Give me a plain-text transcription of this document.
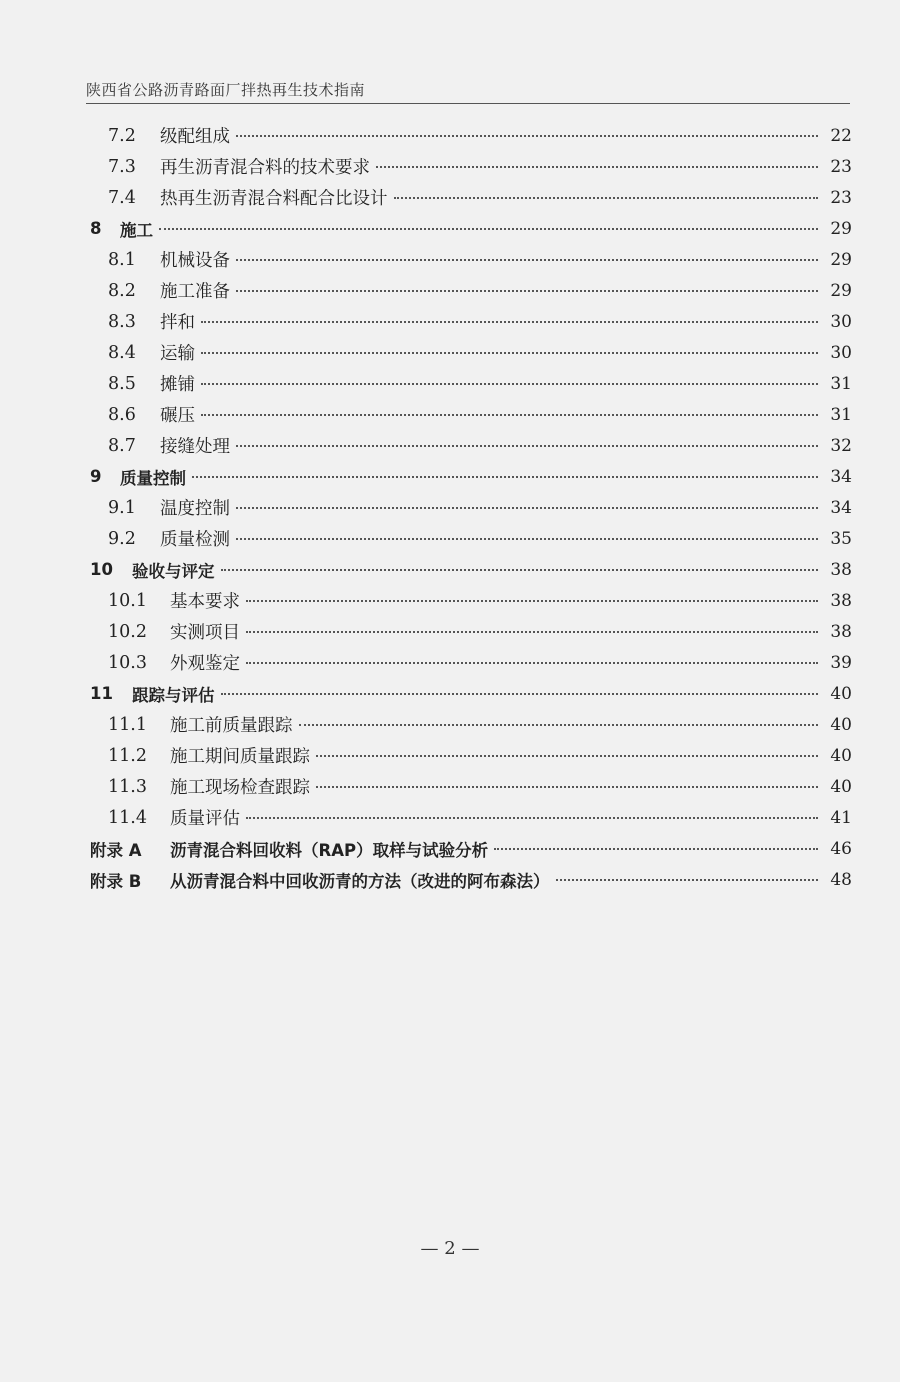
陕西省公路沥青路面厂拌热再生技术指南
7.2	级配组成	22
7.3	再生沥青混合料的技术要求	23
7.4	热再生沥青混合料配合比设计	23
8	施工	29
8.1	机械设备	29
8.2	施工准备	29
8.3	拌和	30
8.4	运输	30
8.5	摊铺	31
8.6	碾压	31
8.7	接缝处理	32
9	质量控制	34
9.1	温度控制	34
9.2	质量检测	35
10	验收与评定	38
10.1	基本要求	38
10.2	实测项目	38
10.3	外观鉴定	39
11	跟踪与评估	40
11.1	施工前质量跟踪	40
11.2	施工期间质量跟踪	40
11.3	施工现场检查跟踪	40
11.4	质量评估	41
附录 A	沥青混合料回收料（RAP）取样与试验分析	46
附录 B	从沥青混合料中回收沥青的方法（改进的阿布森法）	48
— 2 —
